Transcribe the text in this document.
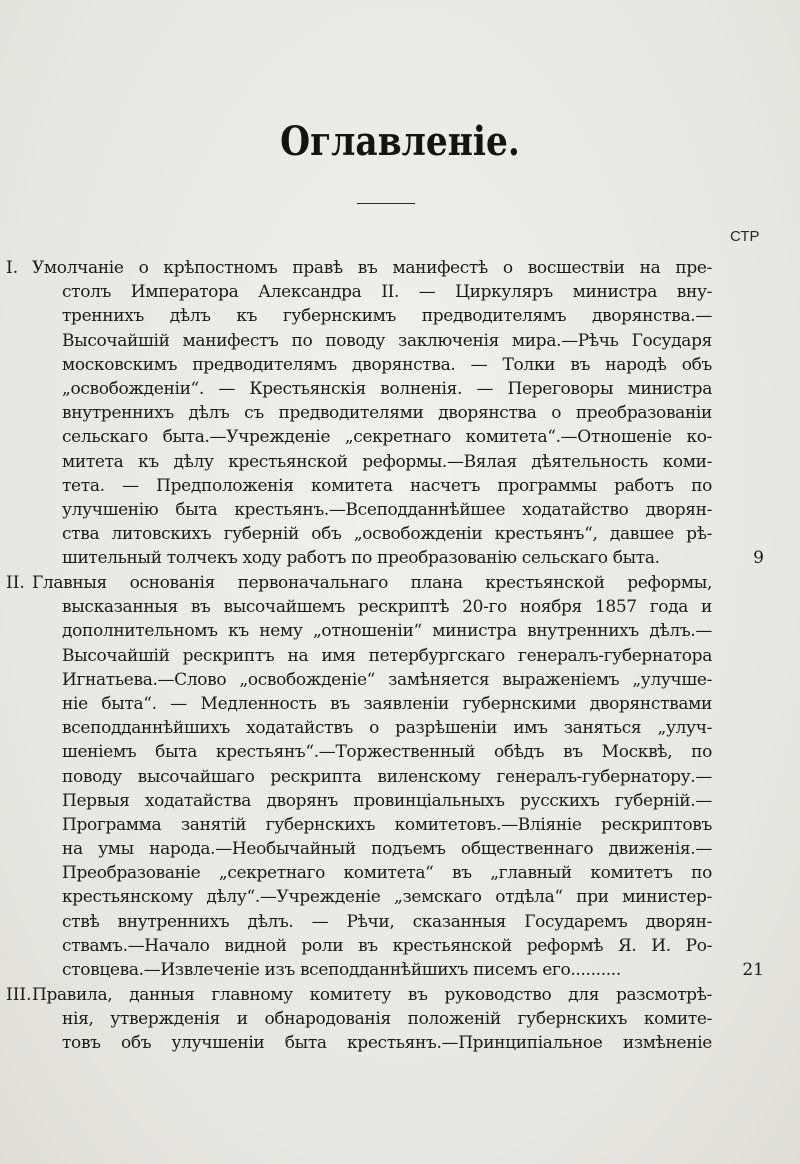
Оглавленіе.
СТР
I. Умолчаніе о крѣпостномъ правѣ въ манифестѣ о восшествіи на пре-
столъ Императора Александра II. — Циркуляръ министра вну-
треннихъ дѣлъ къ губернскимъ предводителямъ дворянства.—
Высочайшій манифестъ по поводу заключенія мира.—Рѣчь Государя
московскимъ предводителямъ дворянства. — Толки въ народѣ объ
„освобожденіи“. — Крестьянскія волненія. — Переговоры министра
внутреннихъ дѣлъ съ предводителями дворянства о преобразованіи
сельскаго быта.—Учрежденіе „секретнаго комитета“.—Отношеніе ко-
митета къ дѣлу крестьянской реформы.—Вялая дѣятельность коми-
тета. — Предположенія комитета насчетъ программы работъ по
улучшенію быта крестьянъ.—Всеподданнѣйшее ходатайство дворян-
ства литовскихъ губерній объ „освобожденіи крестьянъ“, давшее рѣ-
шительный толчекъ ходу работъ по преобразованію сельскаго быта.	9
II. Главныя основанія первоначальнаго плана крестьянской реформы,
высказанныя въ высочайшемъ рескриптѣ 20-го ноября 1857 года и
дополнительномъ къ нему „отношеніи“ министра внутреннихъ дѣлъ.—
Высочайшій рескриптъ на имя петербургскаго генералъ-губернатора
Игнатьева.—Слово „освобожденіе“ замѣняется выраженіемъ „улучше-
ніе быта“. — Медленность въ заявленіи губернскими дворянствами
всеподданнѣйшихъ ходатайствъ о разрѣшеніи имъ заняться „улуч-
шеніемъ быта крестьянъ“.—Торжественный обѣдъ въ Москвѣ, по
поводу высочайшаго рескрипта виленскому генералъ-губернатору.—
Первыя ходатайства дворянъ провинціальныхъ русскихъ губерній.—
Программа занятій губернскихъ комитетовъ.—Вліяніе рескриптовъ
на умы народа.—Необычайный подъемъ общественнаго движенія.—
Преобразованіе „секретнаго комитета“ въ „главный комитетъ по
крестьянскому дѣлу“.—Учрежденіе „земскаго отдѣла“ при министер-
ствѣ внутреннихъ дѣлъ. — Рѣчи, сказанныя Государемъ дворян-
ствамъ.—Начало видной роли въ крестьянской реформѣ Я. И. Ро-
стовцева.—Извлеченіе изъ всеподданнѣйшихъ писемъ его..........	21
III. Правила, данныя главному комитету въ руководство для разсмотрѣ-
нія, утвержденія и обнародованія положеній губернскихъ комите-
товъ объ улучшеніи быта крестьянъ.—Принципіальное измѣненіе
